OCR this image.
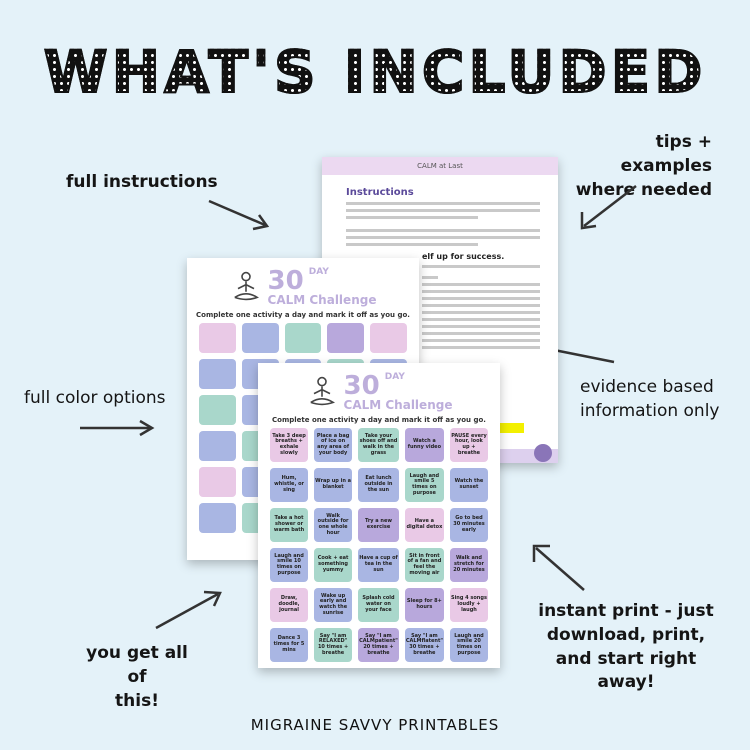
WHAT'S INCLUDED
full instructions
tips + examples
where needed
full color options
evidence based
information only
you get all of
this!
instant print - just
download, print,
and start right
away!
CALM at Last
Instructions
elf up for success.
30 $^{DAY}$
CALM Challenge
Complete one activity a day and mark it off as you go.
30 $^{DAY}$
CALM Challenge
Complete one activity a day and mark it off as you go.
Take 3 deep breaths + exhale slowly
Place a bag of ice on any area of your body
Take your shoes off and walk in the grass
Watch a funny video
PAUSE every hour, look up + breathe
Hum, whistle, or sing
Wrap up in a blanket
Eat lunch outside in the sun
Laugh and smile 5 times on purpose
Watch the sunset
Take a hot shower or warm bath
Walk outside for one whole hour
Try a new exercise
Have a digital detox
Go to bed 30 minutes early
Laugh and smile 10 times on purpose
Cook + eat something yummy
Have a cup of tea in the sun
Sit in front of a fan and feel the moving air
Walk and stretch for 20 minutes
Draw, doodle, journal
Wake up early and watch the sunrise
Splash cold water on your face
Sleep for 8+ hours
Sing 4 songs loudly + laugh
Dance 3 times for 5 mins
Say "I am RELAXED" 10 times + breathe
Say "I am CALMpatient" 20 times + breathe
Say "I am CALMflatent" 30 times + breathe
Laugh and smile 20 times on purpose
MIGRAINE SAVVY PRINTABLES
